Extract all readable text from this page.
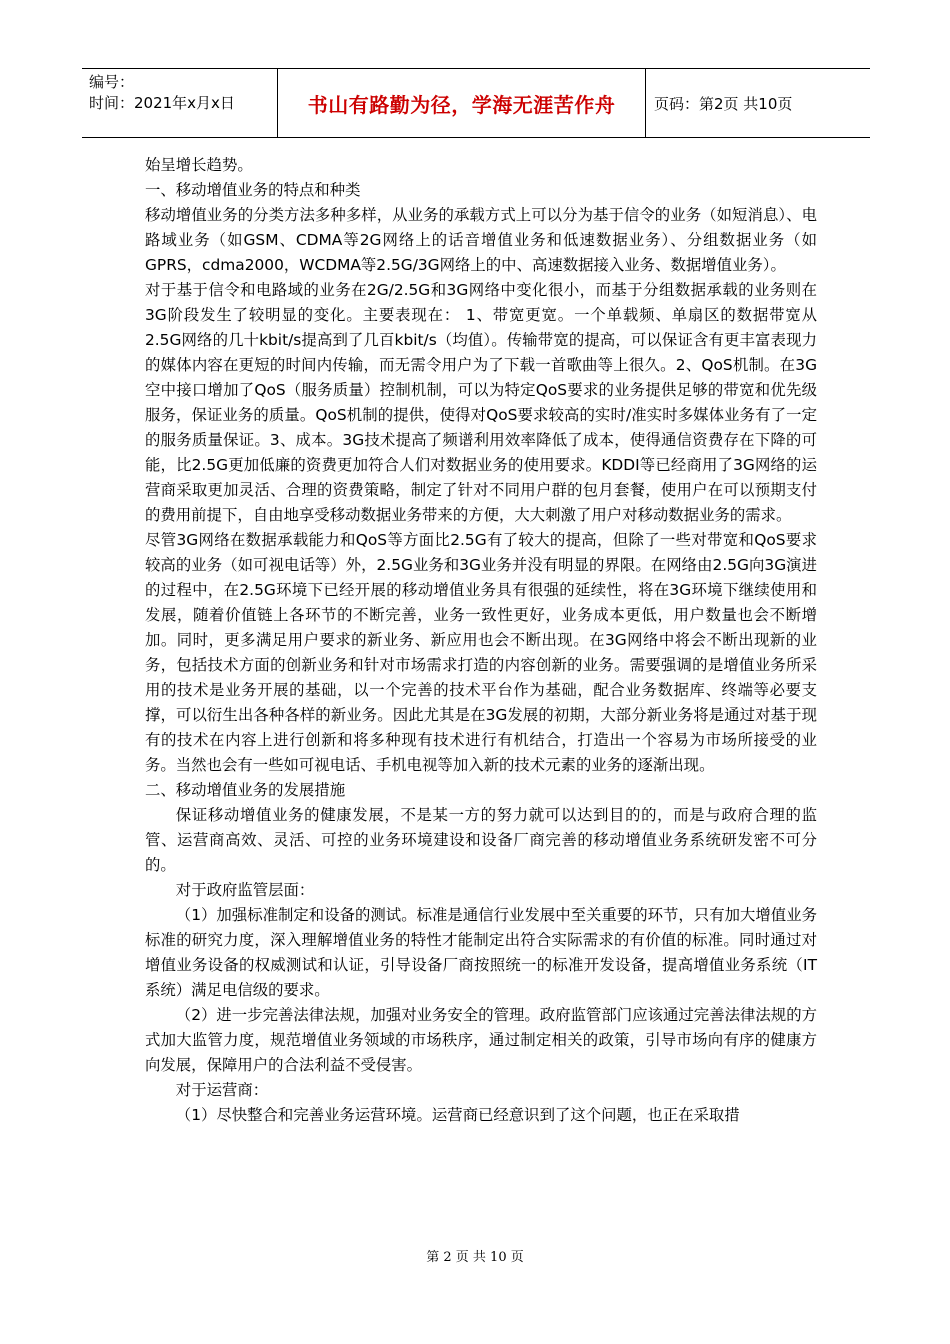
编号：
时间：2021年x月x日	书山有路勤为径，学海无涯苦作舟	页码：第2页 共10页

始呈增长趋势。

一、移动增值业务的特点和种类

移动增值业务的分类方法多种多样，从业务的承载方式上可以分为基于信令的业务（如短消息）、电路域业务（如GSM、CDMA等2G网络上的话音增值业务和低速数据业务）、分组数据业务（如GPRS，cdma2000，WCDMA等2.5G/3G网络上的中、高速数据接入业务、数据增值业务）。

对于基于信令和电路域的业务在2G/2.5G和3G网络中变化很小，而基于分组数据承载的业务则在3G阶段发生了较明显的变化。主要表现在： 1、带宽更宽。一个单载频、单扇区的数据带宽从2.5G网络的几十kbit/s提高到了几百kbit/s（均值）。传输带宽的提高，可以保证含有更丰富表现力的媒体内容在更短的时间内传输，而无需令用户为了下载一首歌曲等上很久。2、QoS机制。在3G空中接口增加了QoS（服务质量）控制机制，可以为特定QoS要求的业务提供足够的带宽和优先级服务，保证业务的质量。QoS机制的提供，使得对QoS要求较高的实时/准实时多媒体业务有了一定的服务质量保证。3、成本。3G技术提高了频谱利用效率降低了成本，使得通信资费存在下降的可能，比2.5G更加低廉的资费更加符合人们对数据业务的使用要求。KDDI等已经商用了3G网络的运营商采取更加灵活、合理的资费策略，制定了针对不同用户群的包月套餐，使用户在可以预期支付的费用前提下，自由地享受移动数据业务带来的方便，大大刺激了用户对移动数据业务的需求。

尽管3G网络在数据承载能力和QoS等方面比2.5G有了较大的提高，但除了一些对带宽和QoS要求较高的业务（如可视电话等）外，2.5G业务和3G业务并没有明显的界限。在网络由2.5G向3G演进的过程中，在2.5G环境下已经开展的移动增值业务具有很强的延续性，将在3G环境下继续使用和发展，随着价值链上各环节的不断完善，业务一致性更好，业务成本更低，用户数量也会不断增加。同时，更多满足用户要求的新业务、新应用也会不断出现。在3G网络中将会不断出现新的业务，包括技术方面的创新业务和针对市场需求打造的内容创新的业务。需要强调的是增值业务所采用的技术是业务开展的基础，以一个完善的技术平台作为基础，配合业务数据库、终端等必要支撑，可以衍生出各种各样的新业务。因此尤其是在3G发展的初期，大部分新业务将是通过对基于现有的技术在内容上进行创新和将多种现有技术进行有机结合，打造出一个容易为市场所接受的业务。当然也会有一些如可视电话、手机电视等加入新的技术元素的业务的逐渐出现。

二、移动增值业务的发展措施

保证移动增值业务的健康发展，不是某一方的努力就可以达到目的的，而是与政府合理的监管、运营商高效、灵活、可控的业务环境建设和设备厂商完善的移动增值业务系统研发密不可分的。

对于政府监管层面：

（1）加强标准制定和设备的测试。标准是通信行业发展中至关重要的环节，只有加大增值业务标准的研究力度，深入理解增值业务的特性才能制定出符合实际需求的有价值的标准。同时通过对增值业务设备的权威测试和认证，引导设备厂商按照统一的标准开发设备，提高增值业务系统（IT系统）满足电信级的要求。

（2）进一步完善法律法规，加强对业务安全的管理。政府监管部门应该通过完善法律法规的方式加大监管力度，规范增值业务领域的市场秩序，通过制定相关的政策，引导市场向有序的健康方向发展，保障用户的合法利益不受侵害。

对于运营商：

（1）尽快整合和完善业务运营环境。运营商已经意识到了这个问题，也正在采取措

第 2 页 共 10 页
